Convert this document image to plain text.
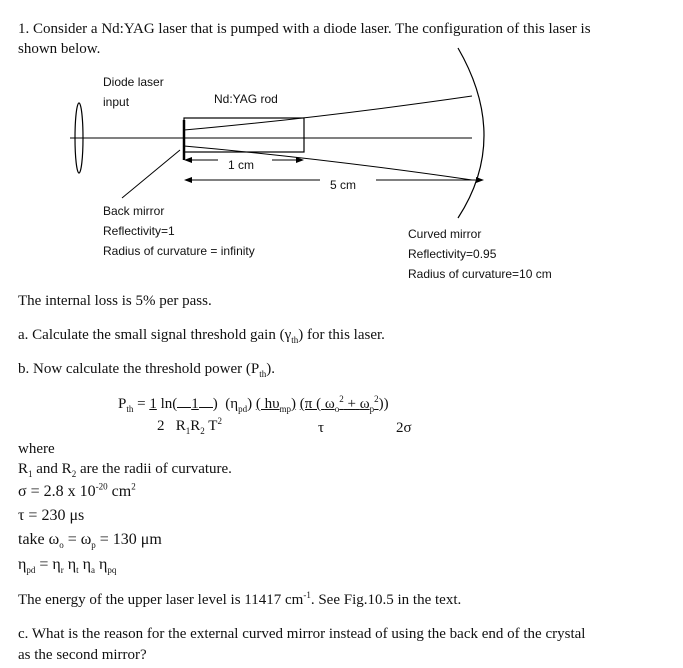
1. Consider a Nd:YAG laser that is pumped with a diode laser. The configuration of this laser is
shown below.
Diode laser
input	Nd:YAG rod
1 cm
5 cm
Back mirror
Reflectivity=1
Radius of curvature = infinity
Curved mirror
Reflectivity=0.95
Radius of curvature=10 cm
The internal loss is 5% per pass.
a. Calculate the small signal threshold gain $(\gamma_{th})$ for this laser.
b. Now calculate the threshold power $(P_{th})$.
$P_{th} = 1$ ln( 1 ) $(\eta_{pd})$ ( $h\upsilon_{mp}$) (π ( $\omega_o^2 + \omega_p^2$))
2 $R_1R_2$ $T^2$	τ	2σ
where
$R_1$ and $R_2$ are the radii of curvature.
σ = 2.8 x $10^{-20}$ $cm^2$
τ = 230 μs
take $\omega_o = \omega_p = 130$ μm
$\eta_{pd} = \eta_r$ $\eta_t$ $\eta_a$ $\eta_{pq}$
The energy of the upper laser level is 11417 $cm^{-1}$. See Fig.10.5 in the text.
c. What is the reason for the external curved mirror instead of using the back end of the crystal
as the second mirror?
